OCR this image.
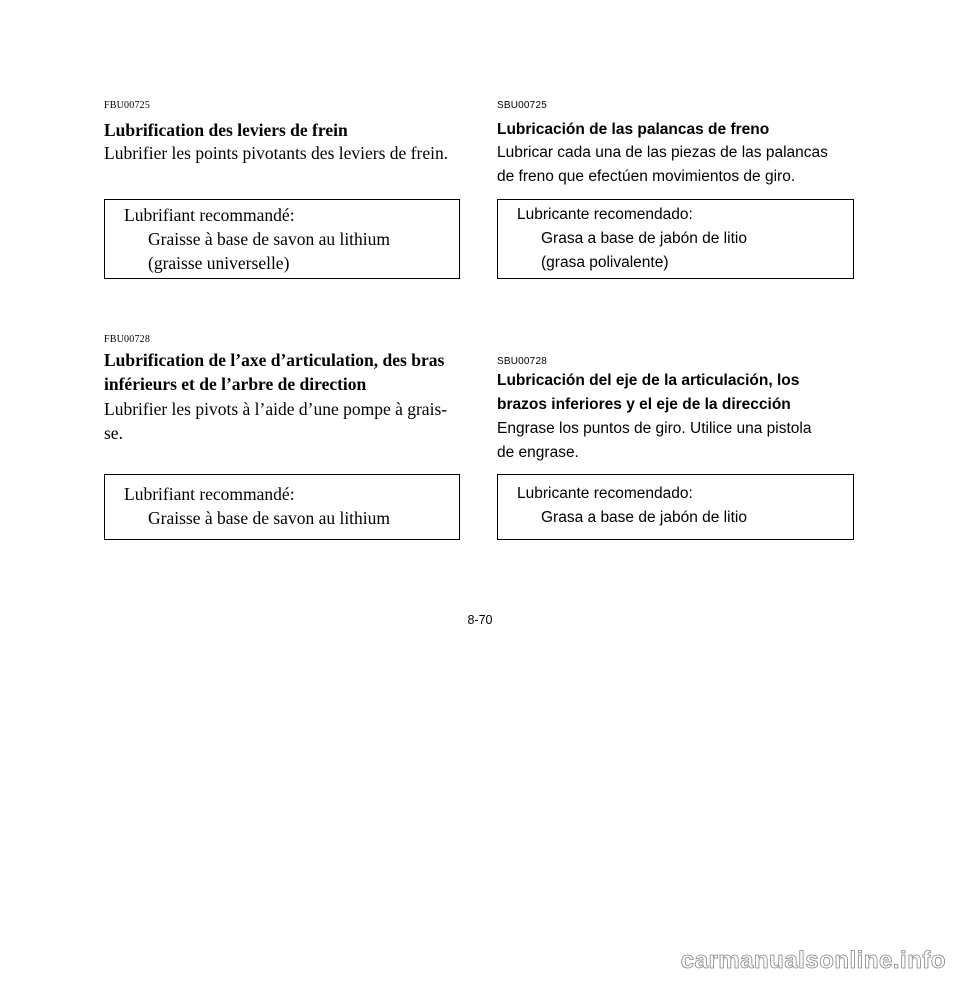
FBU00725
Lubrification des leviers de frein
Lubrifier les points pivotants des leviers de frein.
Lubrifiant recommandé:
Graisse à base de savon au lithium
(graisse universelle)
FBU00728
Lubrification de l’axe d’articulation, des bras
inférieurs et de l’arbre de direction
Lubrifier les pivots à l’aide d’une pompe à grais-
se.
Lubrifiant recommandé:
Graisse à base de savon au lithium
SBU00725
Lubricación de las palancas de freno
Lubricar cada una de las piezas de las palancas
de freno que efectúen movimientos de giro.
Lubricante recomendado:
Grasa a base de jabón de litio
(grasa polivalente)
SBU00728
Lubricación del eje de la articulación, los
brazos inferiores y el eje de la dirección
Engrase los puntos de giro. Utilice una pistola
de engrase.
Lubricante recomendado:
Grasa a base de jabón de litio
8-70
carmanualsonline.info
